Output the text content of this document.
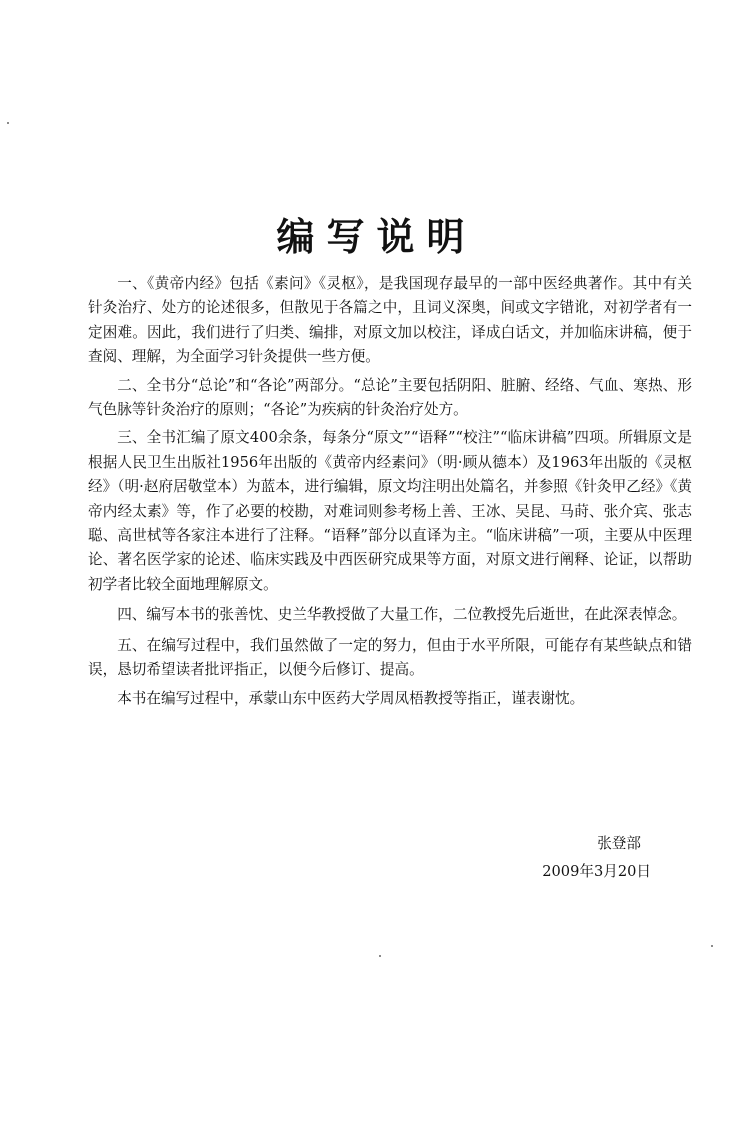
编写说明

一、《黄帝内经》包括《素问》《灵枢》，是我国现存最早的一部中医经典著作。其中有关针灸治疗、处方的论述很多，但散见于各篇之中，且词义深奥，间或文字错讹，对初学者有一定困难。因此，我们进行了归类、编排，对原文加以校注，译成白话文，并加临床讲稿，便于查阅、理解，为全面学习针灸提供一些方便。

二、全书分“总论”和“各论”两部分。“总论”主要包括阴阳、脏腑、经络、气血、寒热、形气色脉等针灸治疗的原则；“各论”为疾病的针灸治疗处方。

三、全书汇编了原文400余条，每条分“原文”“语释”“校注”“临床讲稿”四项。所辑原文是根据人民卫生出版社1956年出版的《黄帝内经素问》（明·顾从德本）及1963年出版的《灵枢经》（明·赵府居敬堂本）为蓝本，进行编辑，原文均注明出处篇名，并参照《针灸甲乙经》《黄帝内经太素》等，作了必要的校勘，对难词则参考杨上善、王冰、吴昆、马莳、张介宾、张志聪、高世栻等各家注本进行了注释。“语释”部分以直译为主。“临床讲稿”一项，主要从中医理论、著名医学家的论述、临床实践及中西医研究成果等方面，对原文进行阐释、论证，以帮助初学者比较全面地理解原文。

四、编写本书的张善忱、史兰华教授做了大量工作，二位教授先后逝世，在此深表悼念。

五、在编写过程中，我们虽然做了一定的努力，但由于水平所限，可能存有某些缺点和错误，恳切希望读者批评指正，以便今后修订、提高。

本书在编写过程中，承蒙山东中医药大学周凤梧教授等指正，谨表谢忱。

张登部
2009年3月20日
